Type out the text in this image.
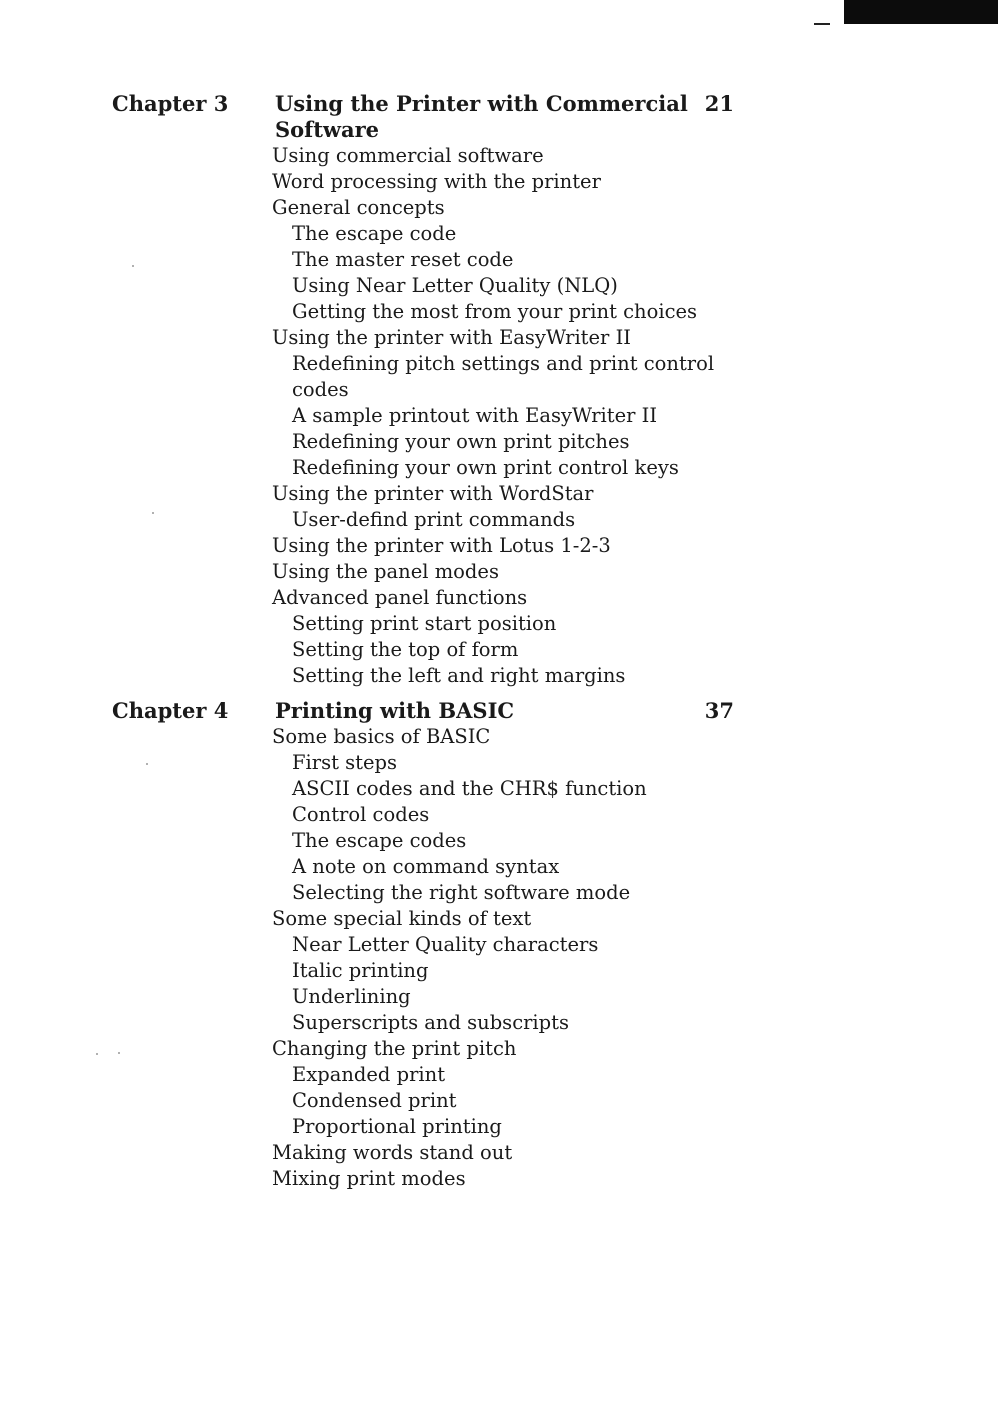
Chapter 3 Using the Printer with Commercial Software
21
Using commercial software
Word processing with the printer
General concepts
The escape code
The master reset code
Using Near Letter Quality (NLQ)
Getting the most from your print choices
Using the printer with EasyWriter II
Redefining pitch settings and print control codes
A sample printout with EasyWriter II
Redefining your own print pitches
Redefining your own print control keys
Using the printer with WordStar
User-defind print commands
Using the printer with Lotus 1-2-3
Using the panel modes
Advanced panel functions
Setting print start position
Setting the top of form
Setting the left and right margins
Chapter 4 Printing with BASIC	37
Some basics of BASIC
First steps
ASCII codes and the CHR$ function
Control codes
The escape codes
A note on command syntax
Selecting the right software mode
Some special kinds of text
Near Letter Quality characters
Italic printing
Underlining
Superscripts and subscripts
Changing the print pitch
Expanded print
Condensed print
Proportional printing
Making words stand out
Mixing print modes
